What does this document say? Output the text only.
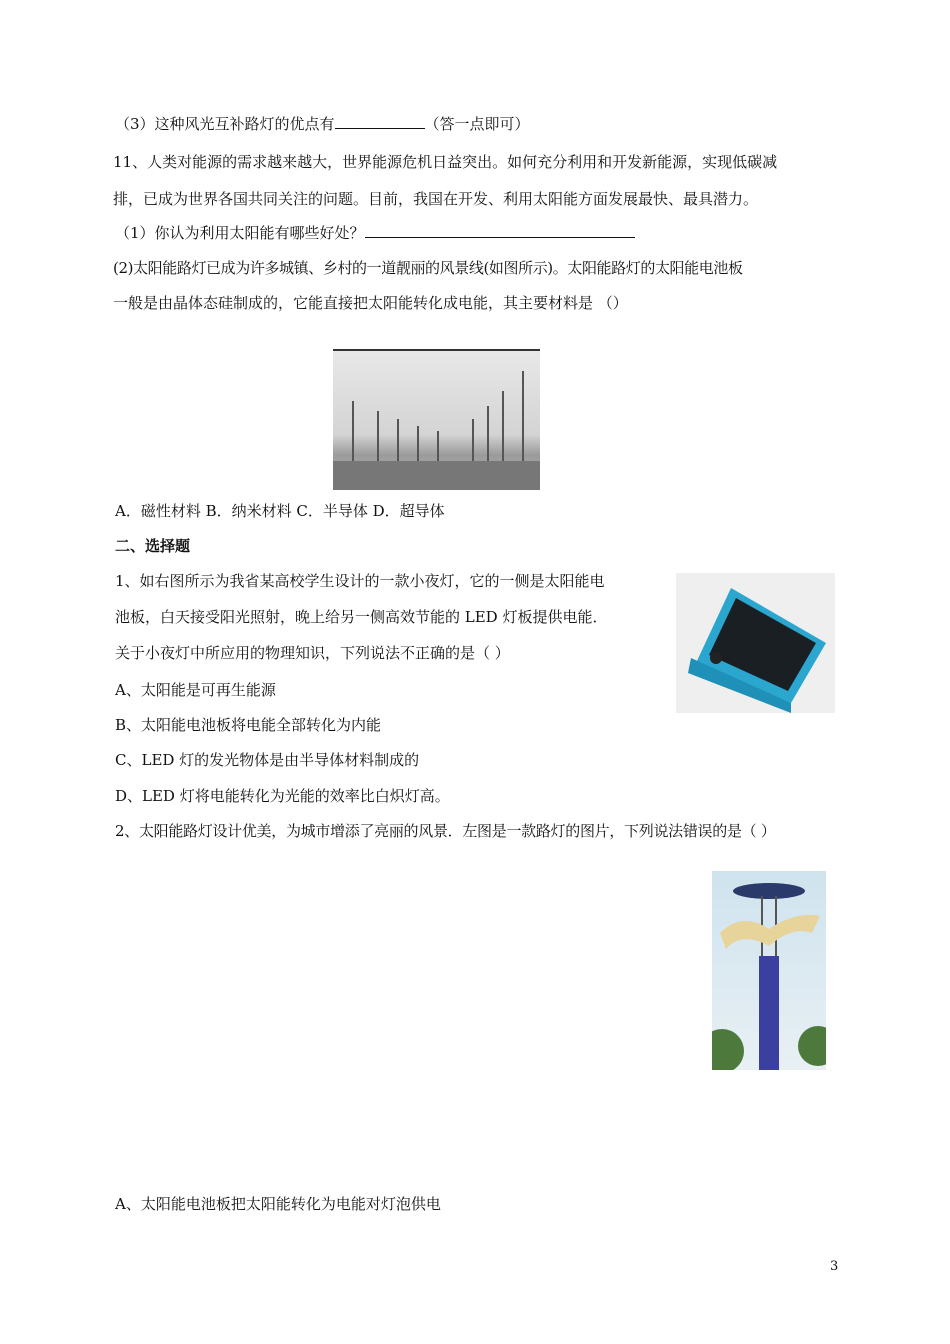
（3）这种风光互补路灯的优点有	（答一点即可）
11、人类对能源的需求越来越大，世界能源危机日益突出。如何充分利用和开发新能源，实现低碳减
排，已成为世界各国共同关注的问题。目前，我国在开发、利用太阳能方面发展最快、最具潜力。
（1）你认为利用太阳能有哪些好处？
(2)太阳能路灯已成为许多城镇、乡村的一道靓丽的风景线(如图所示)。太阳能路灯的太阳能电池板
一般是由晶体态硅制成的，它能直接把太阳能转化成电能，其主要材料是 （）
A．磁性材料 B．纳米材料 C．半导体 D．超导体
二、选择题
1、如右图所示为我省某高校学生设计的一款小夜灯，它的一侧是太阳能电
池板，白天接受阳光照射，晚上给另一侧高效节能的 LED 灯板提供电能．
关于小夜灯中所应用的物理知识，下列说法不正确的是（ ）
A、太阳能是可再生能源
B、太阳能电池板将电能全部转化为内能
C、LED 灯的发光物体是由半导体材料制成的
D、LED 灯将电能转化为光能的效率比白炽灯高。
2、太阳能路灯设计优美，为城市增添了亮丽的风景．左图是一款路灯的图片，下列说法错误的是（ ）
A、太阳能电池板把太阳能转化为电能对灯泡供电
3
